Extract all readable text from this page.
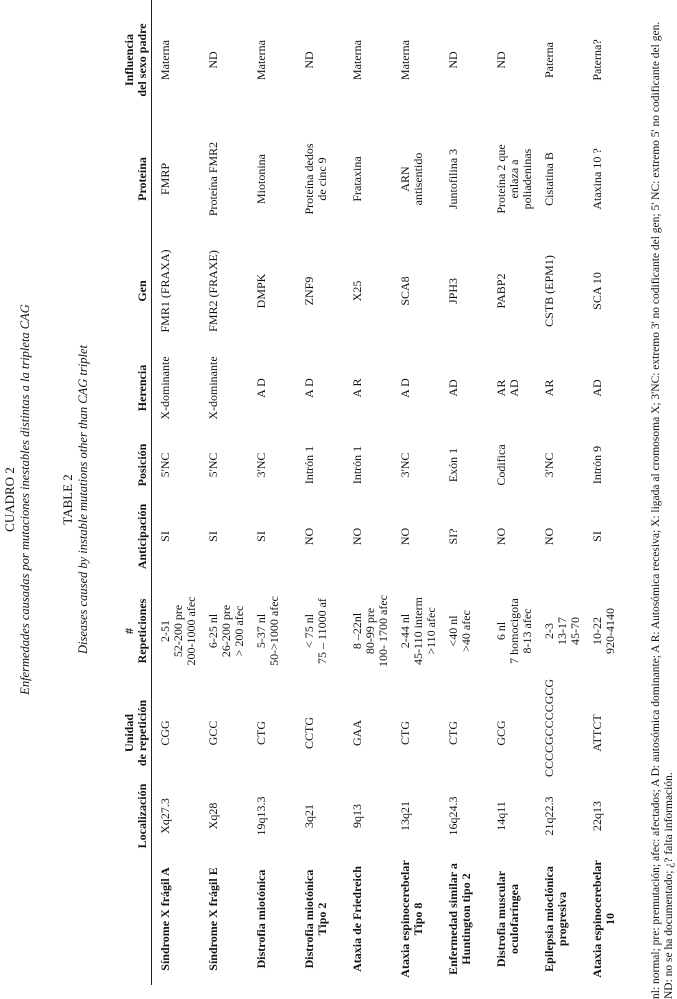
CUADRO 2 Enfermedades causadas por mutaciones inestables distintas a la tripleta CAG TABLE 2 Diseases caused by instable mutations other than CAG triplet
	Localización	Unidad
de repetición	#
Repeticiones	Anticipación	Posición	Herencia	Gen	Proteína	Influencia
del sexo padre
Síndrome X frágil A	Xq27.3	CGG	2-51
52-200 pre
200-1000 afec	SI	5'NC	X-dominante	FMR1 (FRAXA)	FMRP	Materna
Síndrome X frágil E	Xq28	GCC	6-25 nl
26-200 pre
> 200 afec	SI	5'NC	X-dominante	FMR2 (FRAXE)	Proteína FMR2	ND
Distrofia miotónica	19q13.3	CTG	5-37 nl
50->1000 afec	SI	3'NC	A D	DMPK	Miotonina	Materna
Distrofia miotónica
Tipo 2	3q21	CCTG	< 75 nl
75 – 11000 af	NO	Intrón 1	A D	ZNF9	Proteína dedos
de cinc 9	ND
Ataxia de Friedreich	9q13	GAA	8 –22nl
80-99 pre
100- 1700 afec	NO	Intrón 1	A R	X25	Frataxina	Materna
Ataxia espinocerebelar
Tipo 8	13q21	CTG	2-44 nl
45-110 interm
>110 afec	NO	3'NC	A D	SCA8	ARN
antisentido	Materna
Enfermedad similar a
Huntington tipo 2	16q24.3	CTG	<40 nl
>40 afec	SI?	Exón 1	AD	JPH3	Juntofilina 3	ND
Distrofia muscular
oculofaríngea	14q11	GCG	6 nl
7 homocigota
8-13 afec	NO	Codifica	AR
AD	PABP2	Proteína 2 que
enlaza a
poliadeninas	ND
Epilepsia mioclónica
progresiva	21q22.3	CCCCGCCCCGCG	2-3
13-17
45-70	NO	3'NC	AR	CSTB (EPM1)	Cistatina B	Paterna
Ataxia espinocerebelar
10	22q13	ATTCT	10-22
920-4140	SI	Intrón 9	AD	SCA 10	Ataxina 10 ?	Paterna?	nl: normal; pre: premutación; afec: afectados; A D: autosómica dominante; A R: Autosómica recesiva; X: ligada al cromosoma X; 3'NC: extremo 3' no codificante del gen; 5' NC: extremo 5' no codificante del gen. ND: no se ha documentado; ¿? falta información.
